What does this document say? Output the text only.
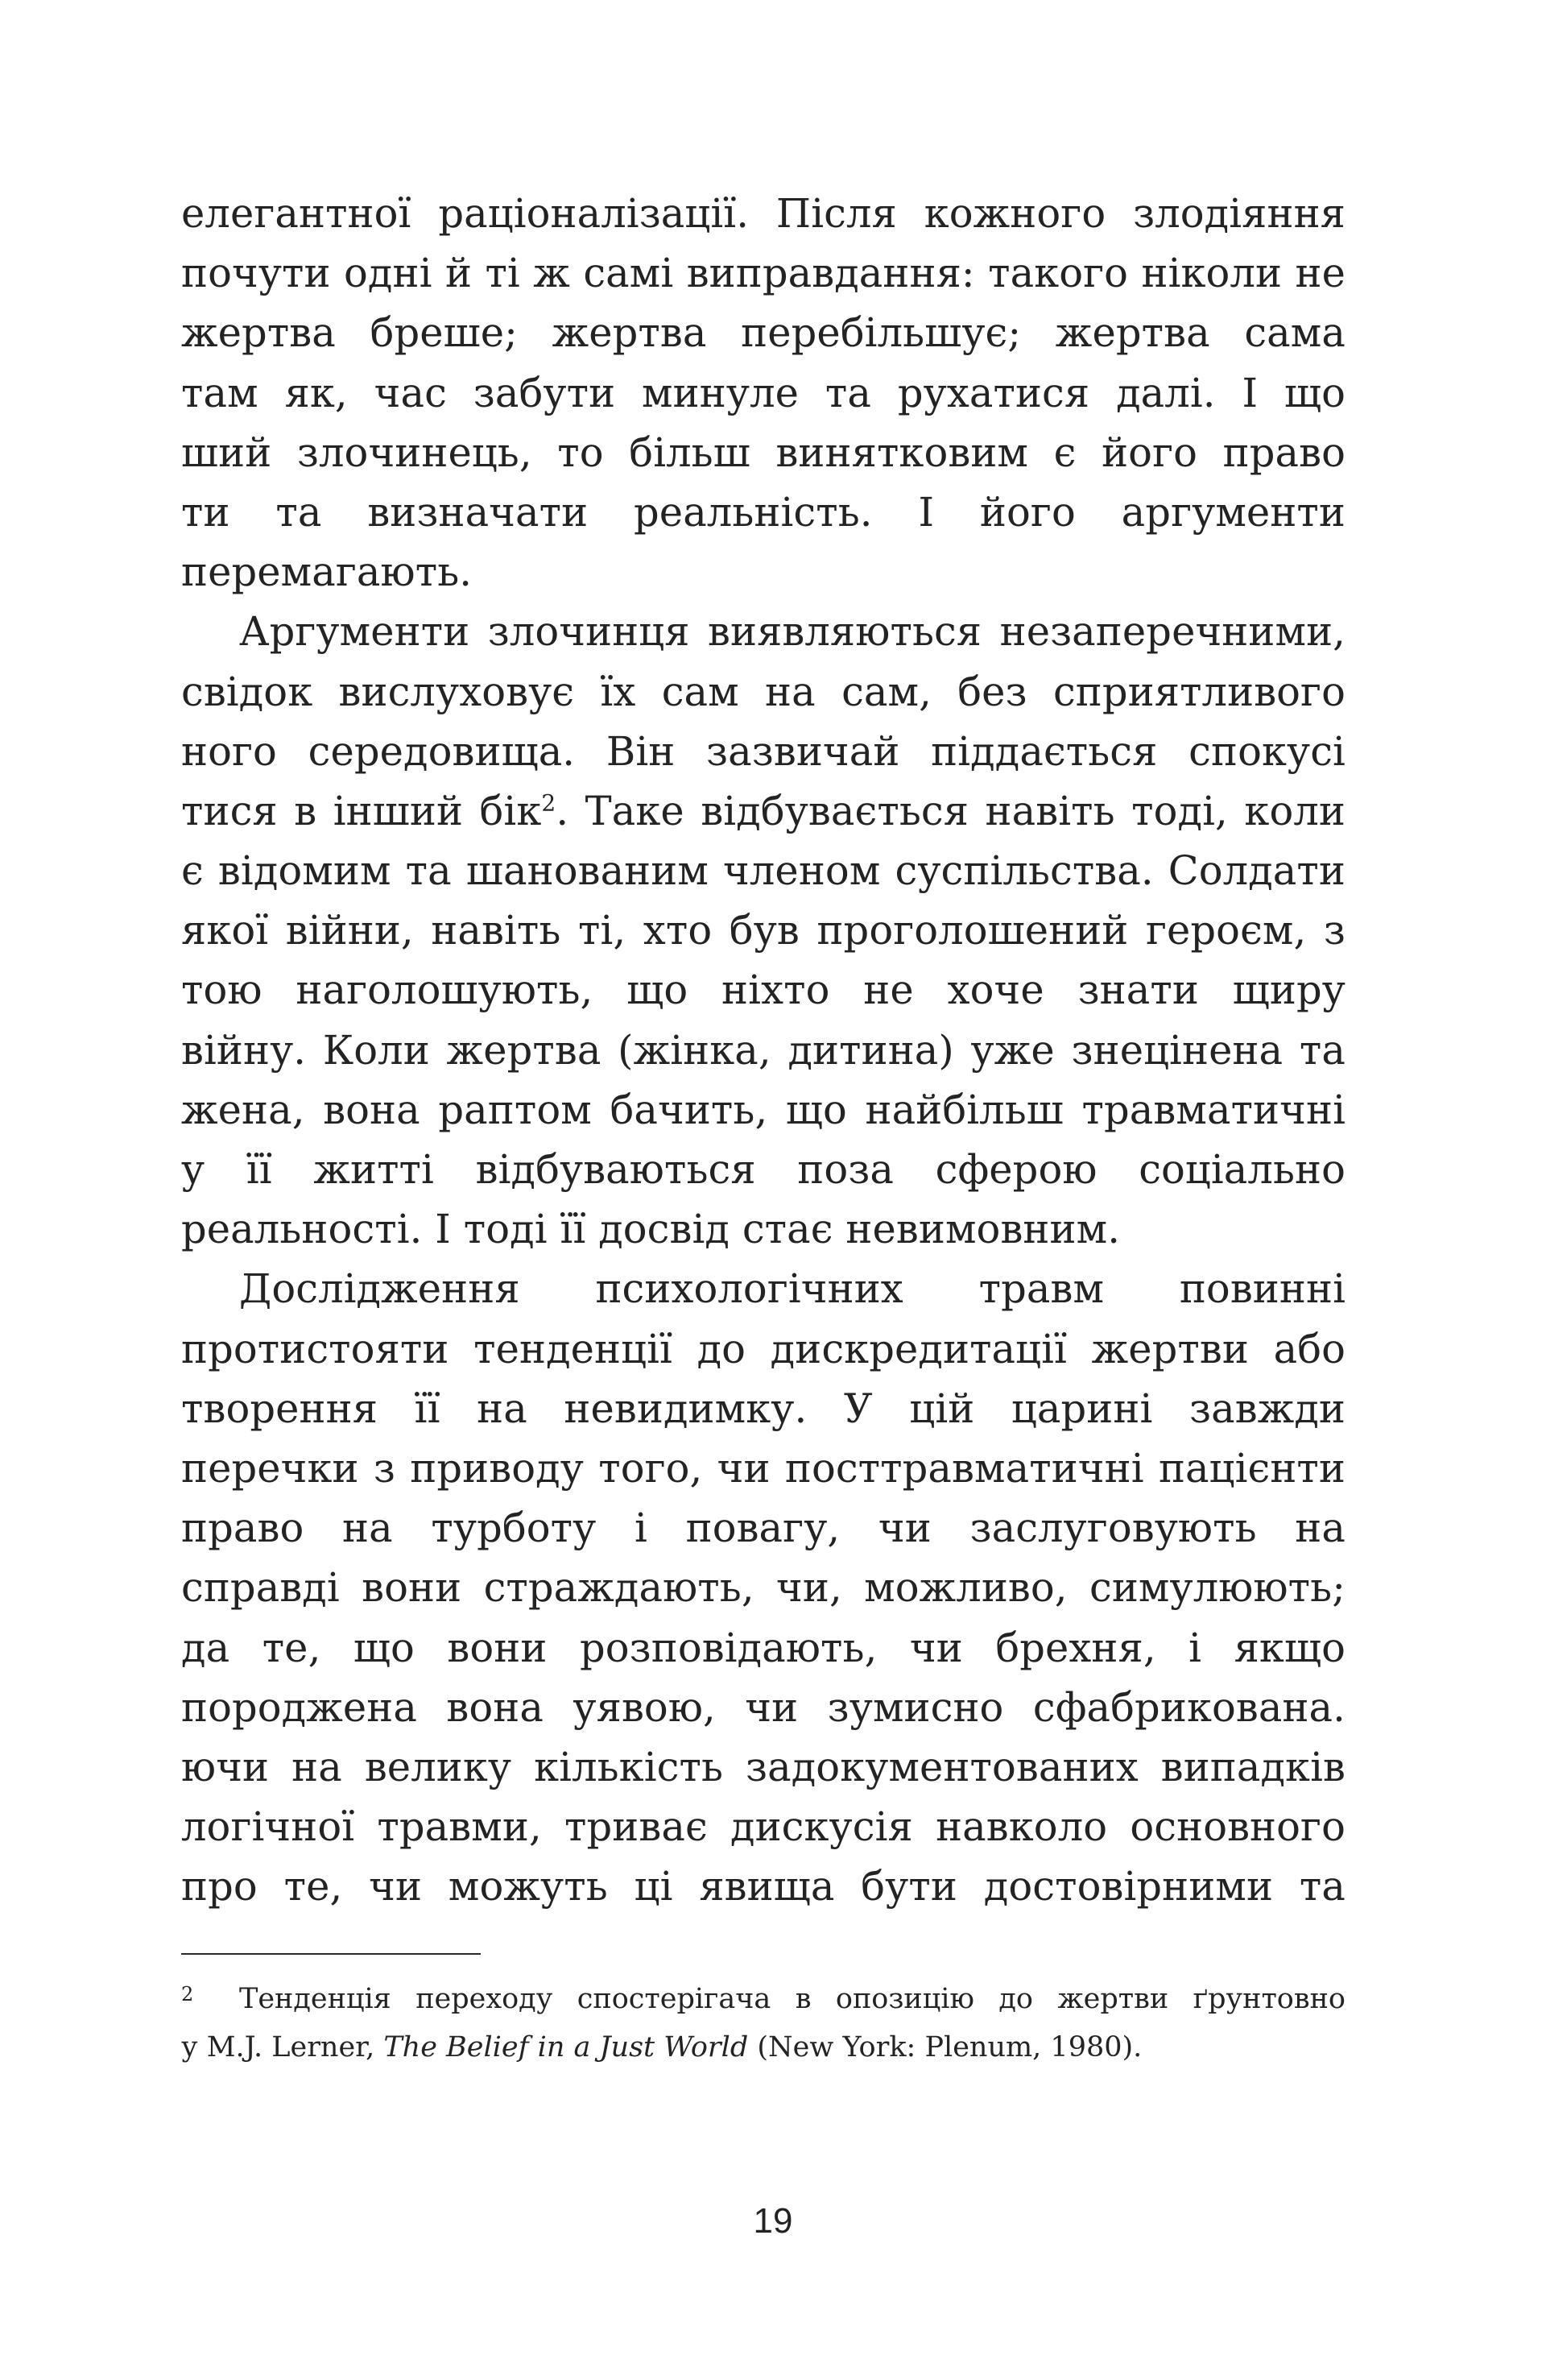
елегантної раціоналізації. Після кожного злодіяння
почути одні й ті ж самі виправдання: такого ніколи не
жертва бреше; жертва перебільшує; жертва сама
там як, час забути минуле та рухатися далі. І що
ший злочинець, то більш винятковим є його право
ти та визначати реальність. І його аргументи
перемагають.
Аргументи злочинця виявляються незаперечними,
свідок вислуховує їх сам на сам, без сприятливого
ного середовища. Він зазвичай піддається спокусі
тися в інший бік$^2$. Таке відбувається навіть тоді, коли
є відомим та шанованим членом суспільства. Солдати
якої війни, навіть ті, хто був проголошений героєм, з
тою наголошують, що ніхто не хоче знати щиру
війну. Коли жертва (жінка, дитина) уже знецінена та
жена, вона раптом бачить, що найбільш травматичні
у її житті відбуваються поза сферою соціально
реальності. І тоді її досвід стає невимовним.
Дослідження психологічних травм повинні
протистояти тенденції до дискредитації жертви або
творення її на невидимку. У цій царині завжди
перечки з приводу того, чи посттравматичні пацієнти
право на турботу і повагу, чи заслуговують на
справді вони страждають, чи, можливо, симулюють;
да те, що вони розповідають, чи брехня, і якщо
породжена вона уявою, чи зумисно сфабрикована.
ючи на велику кількість задокументованих випадків
логічної травми, триває дискусія навколо основного
про те, чи можуть ці явища бути достовірними та
2 Тенденція переходу спостерігача в опозицію до жертви ґрунтовно
у M.J. Lerner, The Belief in a Just World (New York: Plenum, 1980).
19
